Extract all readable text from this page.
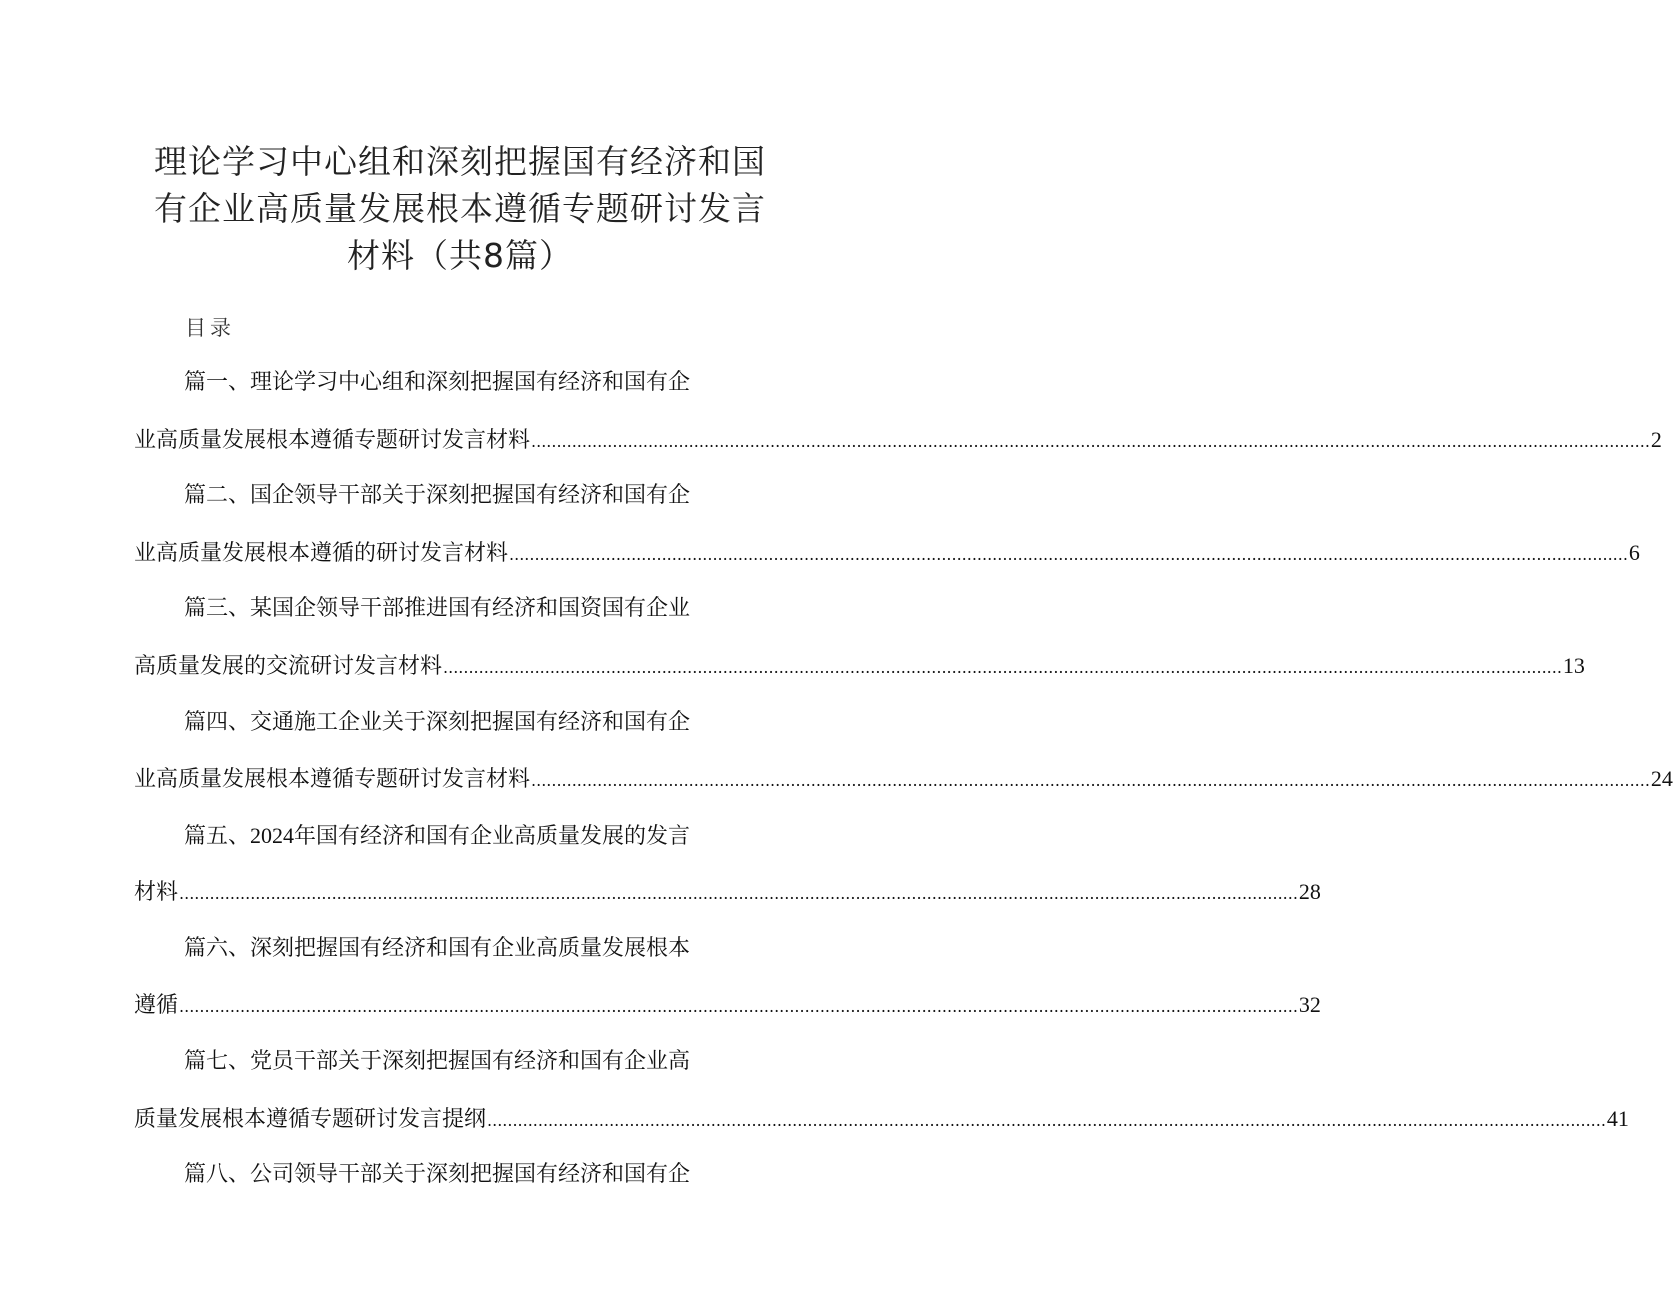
理论学习中心组和深刻把握国有经济和国
有企业高质量发展根本遵循专题研讨发言
材料（共8篇）
目录
篇一、理论学习中心组和深刻把握国有经济和国有企
业高质量发展根本遵循专题研讨发言材料 ............................................................................................................................................................................................................................ 2
篇二、国企领导干部关于深刻把握国有经济和国有企
业高质量发展根本遵循的研讨发言材料 ............................................................................................................................................................................................................................ 6
篇三、某国企领导干部推进国有经济和国资国有企业
高质量发展的交流研讨发言材料 ............................................................................................................................................................................................................................ 13
篇四、交通施工企业关于深刻把握国有经济和国有企
业高质量发展根本遵循专题研讨发言材料 ............................................................................................................................................................................................................................ 24
篇五、2024年国有经济和国有企业高质量发展的发言
材料 ............................................................................................................................................................................................................................ 28
篇六、深刻把握国有经济和国有企业高质量发展根本
遵循 ............................................................................................................................................................................................................................ 32
篇七、党员干部关于深刻把握国有经济和国有企业高
质量发展根本遵循专题研讨发言提纲 ............................................................................................................................................................................................................................ 41
篇八、公司领导干部关于深刻把握国有经济和国有企
